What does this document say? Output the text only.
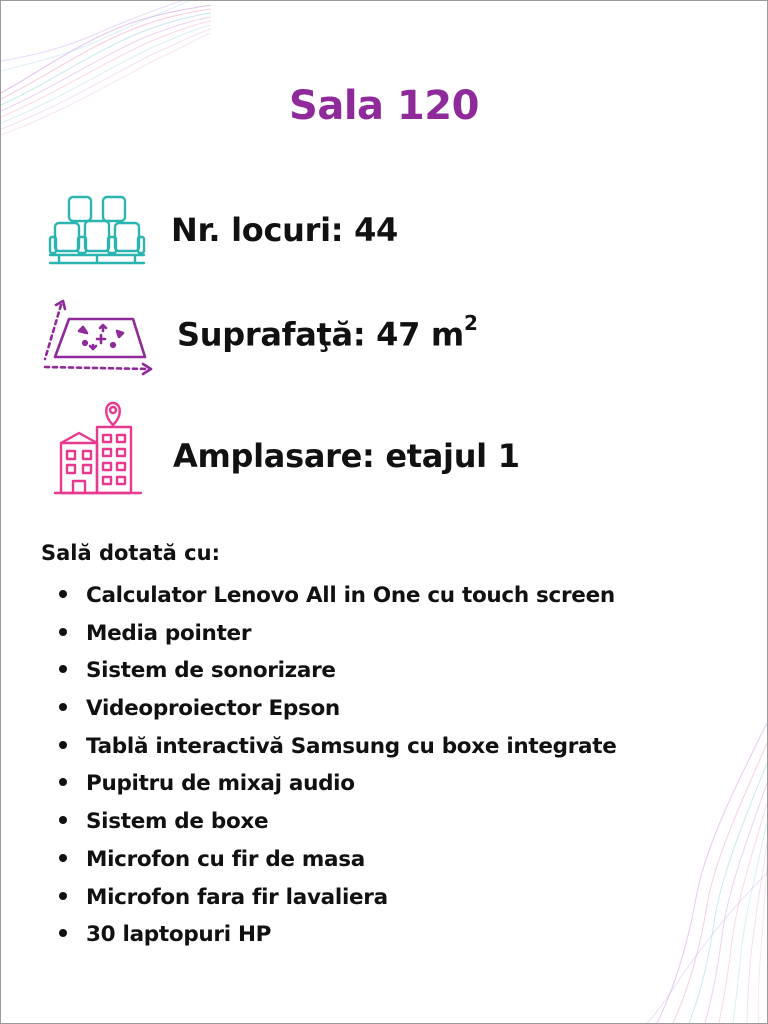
Sala 120
Nr. locuri: 44
Suprafaţă: 47 $m^2$
Amplasare: etajul 1
Sală dotată cu:
Calculator Lenovo All in One cu touch screen
Media pointer
Sistem de sonorizare
Videoproiector Epson
Tablă interactivă Samsung cu boxe integrate
Pupitru de mixaj audio
Sistem de boxe
Microfon cu fir de masa
Microfon fara fir lavaliera
30 laptopuri HP
